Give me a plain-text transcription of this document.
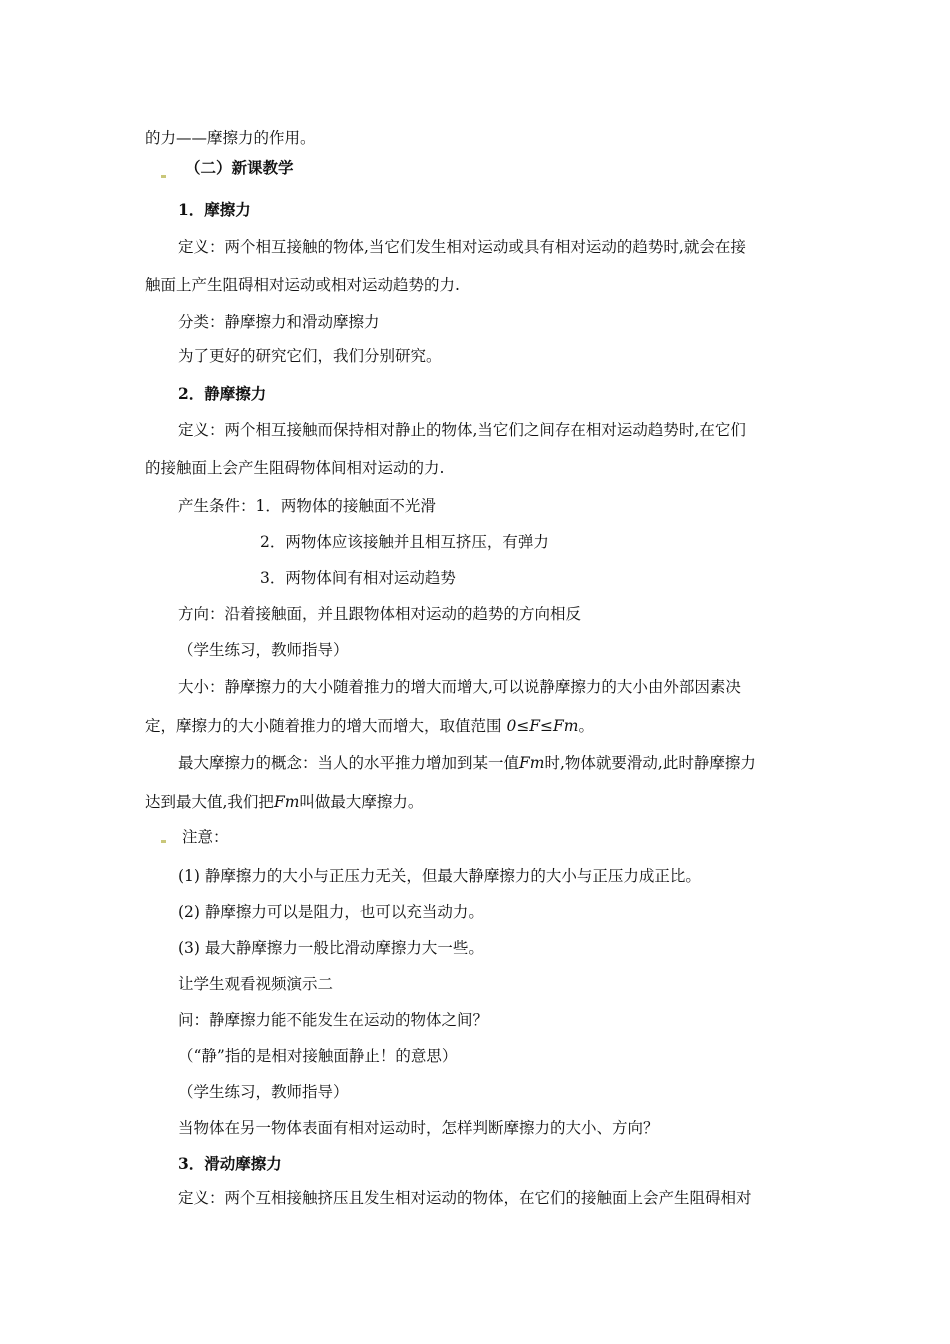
的力——摩擦力的作用。
（二）新课教学
1．摩擦力
定义：两个相互接触的物体,当它们发生相对运动或具有相对运动的趋势时,就会在接
触面上产生阻碍相对运动或相对运动趋势的力.
分类：静摩擦力和滑动摩擦力
为了更好的研究它们，我们分别研究。
2．静摩擦力
定义：两个相互接触而保持相对静止的物体,当它们之间存在相对运动趋势时,在它们
的接触面上会产生阻碍物体间相对运动的力.
产生条件：1．两物体的接触面不光滑
2．两物体应该接触并且相互挤压，有弹力
3．两物体间有相对运动趋势
方向：沿着接触面，并且跟物体相对运动的趋势的方向相反
（学生练习，教师指导）
大小：静摩擦力的大小随着推力的增大而增大,可以说静摩擦力的大小由外部因素决
定，摩擦力的大小随着推力的增大而增大，取值范围 0≤F≤Fm。
最大摩擦力的概念：当人的水平推力增加到某一值Fm时,物体就要滑动,此时静摩擦力
达到最大值,我们把Fm叫做最大摩擦力。
注意：
(1) 静摩擦力的大小与正压力无关，但最大静摩擦力的大小与正压力成正比。
(2) 静摩擦力可以是阻力，也可以充当动力。
(3) 最大静摩擦力一般比滑动摩擦力大一些。
让学生观看视频演示二
问：静摩擦力能不能发生在运动的物体之间？
（“静”指的是相对接触面静止！的意思）
（学生练习，教师指导）
当物体在另一物体表面有相对运动时，怎样判断摩擦力的大小、方向？
3．滑动摩擦力
定义：两个互相接触挤压且发生相对运动的物体，在它们的接触面上会产生阻碍相对
